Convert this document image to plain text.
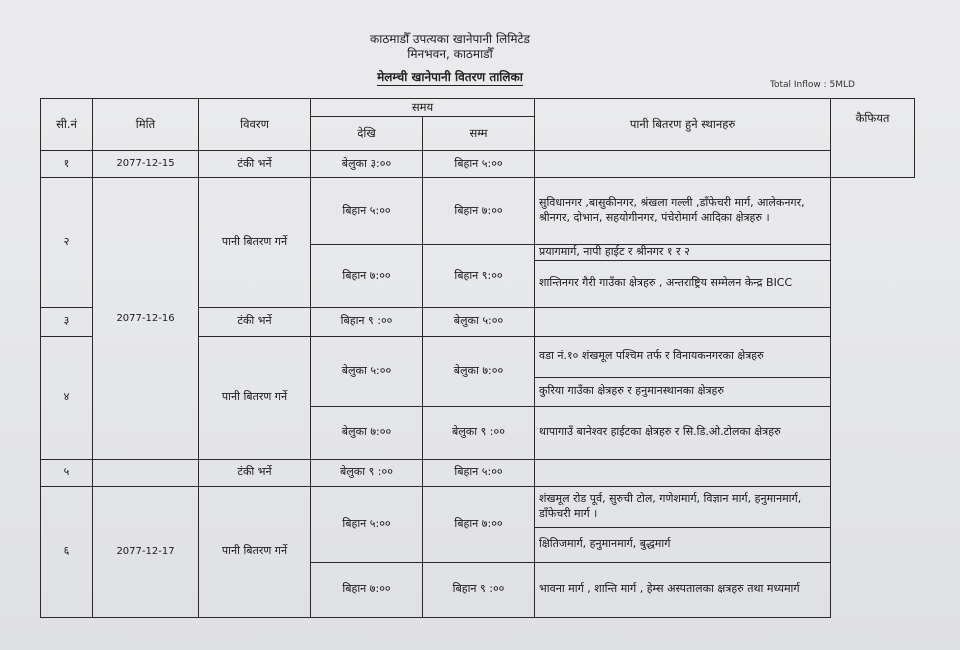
काठमाडौँ उपत्यका खानेपानी लिमिटेड
मिनभवन, काठमाडौँ
मेलम्ची खानेपानी वितरण तालिका
Total Inflow : 5MLD
सी.नं	मिति	विवरण	समय		पानी बितरण हुने स्थानहरु	कैफियत
			देखि	सम्म		
१	2077-12-15	टंकी भर्ने	बेलुका ३:००	बिहान ५:००		
२	2077-12-16	पानी बितरण गर्ने	बिहान ५:००	बिहान ७:००	सुविधानगर ,बासुकीनगर, श्रंखला गल्ली ,डाँफेचरी मार्ग, आलेकनगर, श्रीनगर, दोभान, सहयोगीनगर, पंचेरोमार्ग आदिका क्षेत्रहरु ।	
			बिहान ७:००	बिहान ९:००	प्रयागमार्ग, नापी हाईट र श्रीनगर १ र २	
					शान्तिनगर गैरी गाउँका क्षेत्रहरु , अन्तराष्ट्रिय सम्मेलन केन्द्र BICC	
३		टंकी भर्ने	बिहान ९ :००	बेलुका ५:००		
४		पानी बितरण गर्ने	बेलुका ५:००	बेलुका ७:००	वडा नं.१० शंखमूल पश्चिम तर्फ र विनायकनगरका क्षेत्रहरु	
					कुरिया गाउँका क्षेत्रहरु र हनुमानस्थानका क्षेत्रहरु	
			बेलुका ७:००	बेलुका ९ :००	थापागाउँ बानेश्वर हाईटका क्षेत्रहरु र सि.डि.ओ.टोलका क्षेत्रहरु	
५		टंकी भर्ने	बेलुका ९ :००	बिहान ५:००		
६	2077-12-17	पानी बितरण गर्ने	बिहान ५:००	बिहान ७:००	शंखमूल रोड पूर्व, सुरुची टोल, गणेशमार्ग, विज्ञान मार्ग, हनुमानमार्ग, डाँफेचरी मार्ग ।	
					क्षितिजमार्ग, हनुमानमार्ग, बुद्धमार्ग	
			बिहान ७:००	बिहान ९ :००	भावना मार्ग , शान्ति मार्ग , हेम्स अस्पतालका क्षत्रहरु तथा मध्यमार्ग	
